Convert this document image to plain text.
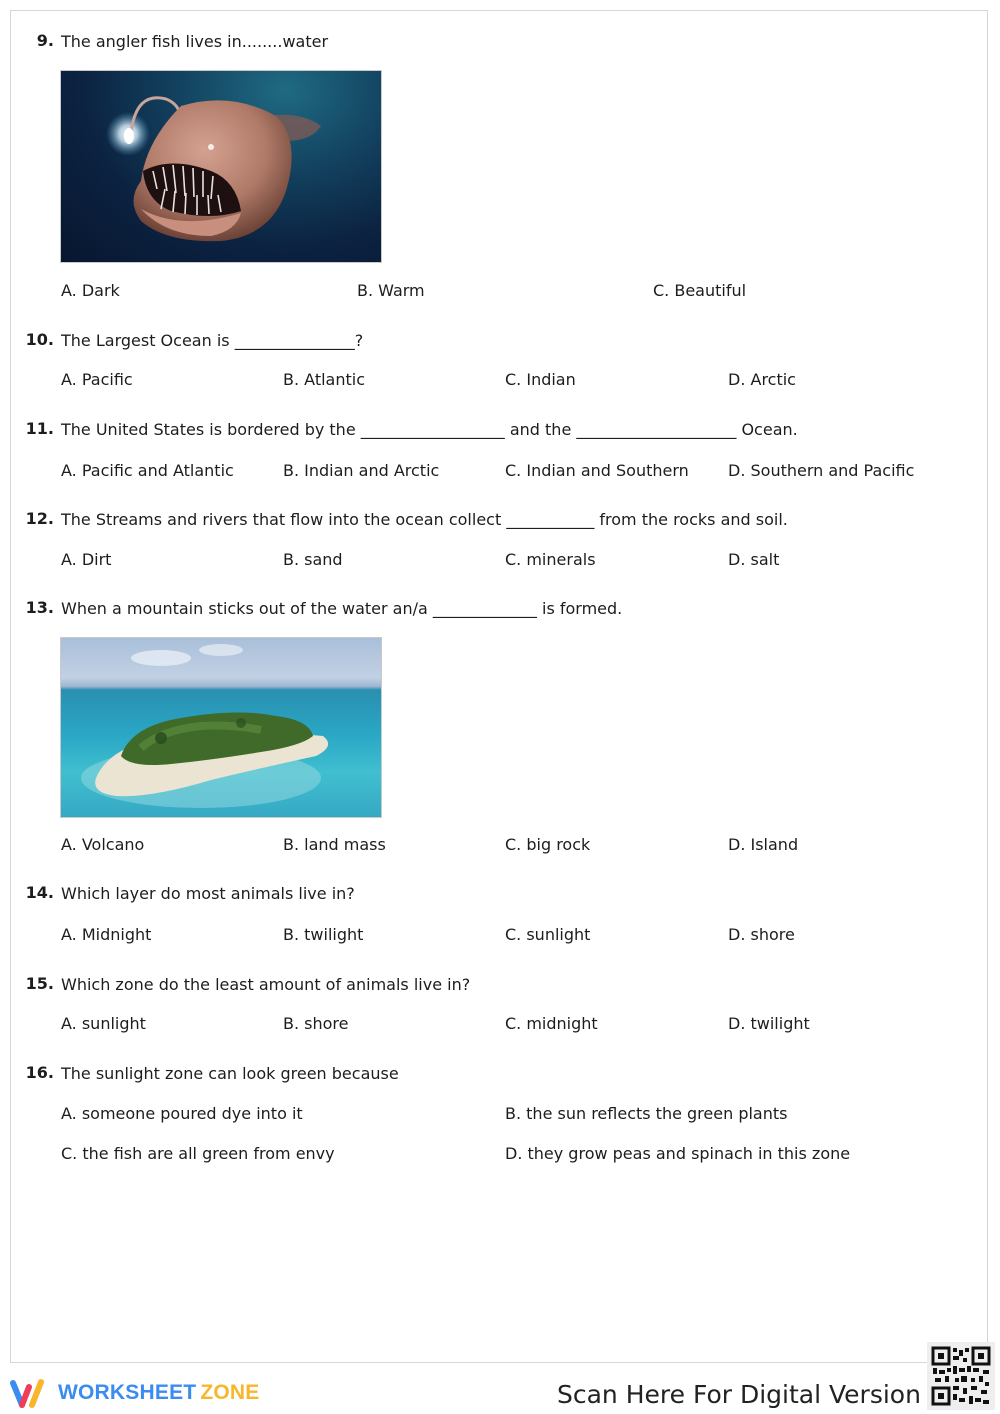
9. The angler fish lives in........water
A. Dark	B. Warm	C. Beautiful
10. The Largest Ocean is _______________?
A. Pacific	B. Atlantic	C. Indian	D. Arctic
11. The United States is bordered by the __________________ and the ____________________ Ocean.
A. Pacific and Atlantic	B. Indian and Arctic	C. Indian and Southern D. Southern and Pacific
12. The Streams and rivers that flow into the ocean collect ___________ from the rocks and soil.
A. Dirt	B. sand	C. minerals	D. salt
13. When a mountain sticks out of the water an/a _____________ is formed.
A. Volcano	B. land mass	C. big rock	D. Island
14. Which layer do most animals live in?
A. Midnight	B. twilight	C. sunlight	D. shore
15. Which zone do the least amount of animals live in?
A. sunlight	B. shore	C. midnight	D. twilight
16. The sunlight zone can look green because
A. someone poured dye into it	B. the sun reflects the green plants
C. the fish are all green from envy	D. they grow peas and spinach in this zone
WORKSHEET ZONE	Scan Here For Digital Version
